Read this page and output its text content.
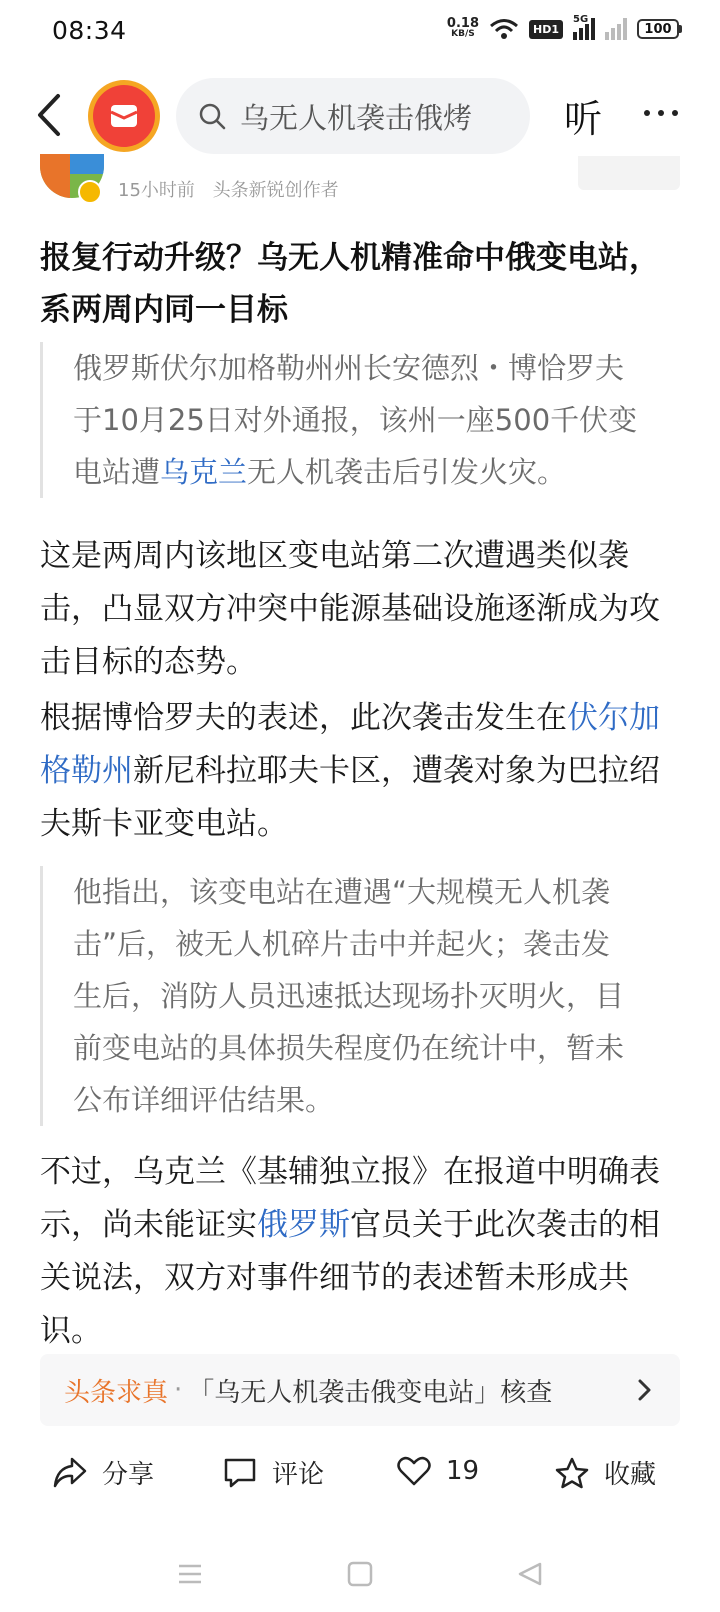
08:34	0.18
KB/S	HD1
5G
100
乌无人机袭击俄烤 听
15小时前 头条新锐创作者
报复行动升级？乌无人机精准命中俄变电站，
系两周内同一目标
俄罗斯伏尔加格勒州州长安德烈・博恰罗夫
于10月25日对外通报，该州一座500千伏变
电站遭乌克兰无人机袭击后引发火灾。
这是两周内该地区变电站第二次遭遇类似袭
击，凸显双方冲突中能源基础设施逐渐成为攻
击目标的态势。
根据博恰罗夫的表述，此次袭击发生在伏尔加
格勒州新尼科拉耶夫卡区，遭袭对象为巴拉绍
夫斯卡亚变电站。
他指出，该变电站在遭遇“大规模无人机袭
击”后，被无人机碎片击中并起火；袭击发
生后，消防人员迅速抵达现场扑灭明火，目
前变电站的具体损失程度仍在统计中，暂未
公布详细评估结果。
不过，乌克兰《基辅独立报》在报道中明确表
示，尚未能证实俄罗斯官员关于此次袭击的相
关说法，双方对事件细节的表述暂未形成共
识。
头条求真 · 「乌无人机袭击俄变电站」核查
分享	评论	19	收藏
